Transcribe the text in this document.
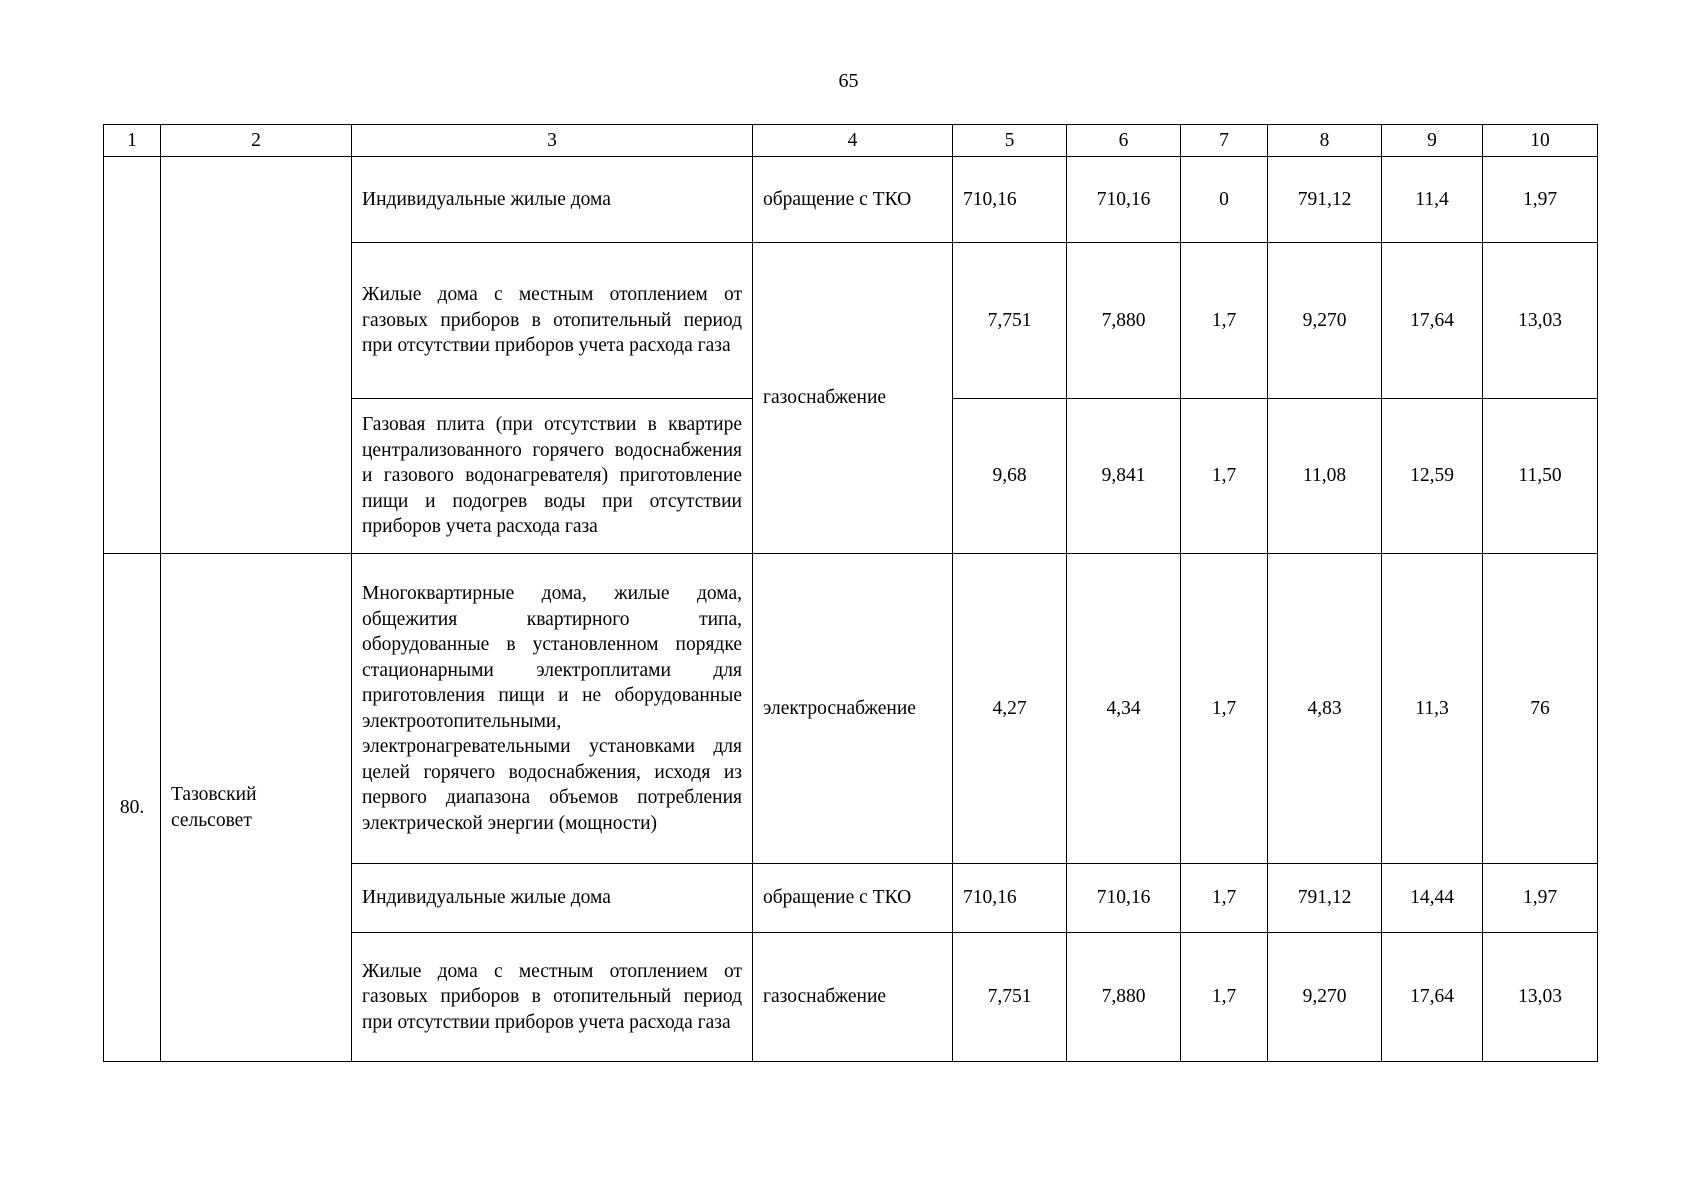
65
1	2	3	4	5	6	7	8	9	10
		Индивидуальные жилые дома	обращение с ТКО	710,16	710,16	0	791,12	11,4	1,97
		Жилые дома с местным отоплением от газовых приборов в отопительный период при отсутствии приборов учета расхода газа	газоснабжение	7,751	7,880	1,7	9,270	17,64	13,03
		Газовая плита (при отсутствии в квартире централизованного горячего водоснабжения и газового водонагревателя) приготовление пищи и подогрев воды при отсутствии приборов учета расхода газа		9,68	9,841	1,7	11,08	12,59	11,50
80.	Тазовский сельсовет	Многоквартирные дома, жилые дома, общежития квартирного типа, оборудованные в установленном порядке стационарными электроплитами для приготовления пищи и не оборудованные электроотопительными, электронагревательными установками для целей горячего водоснабжения, исходя из первого диапазона объемов потребления электрической энергии (мощности)	электроснабжение	4,27	4,34	1,7	4,83	11,3	76
		Индивидуальные жилые дома	обращение с ТКО	710,16	710,16	1,7	791,12	14,44	1,97
		Жилые дома с местным отоплением от газовых приборов в отопительный период при отсутствии приборов учета расхода газа	газоснабжение	7,751	7,880	1,7	9,270	17,64	13,03
